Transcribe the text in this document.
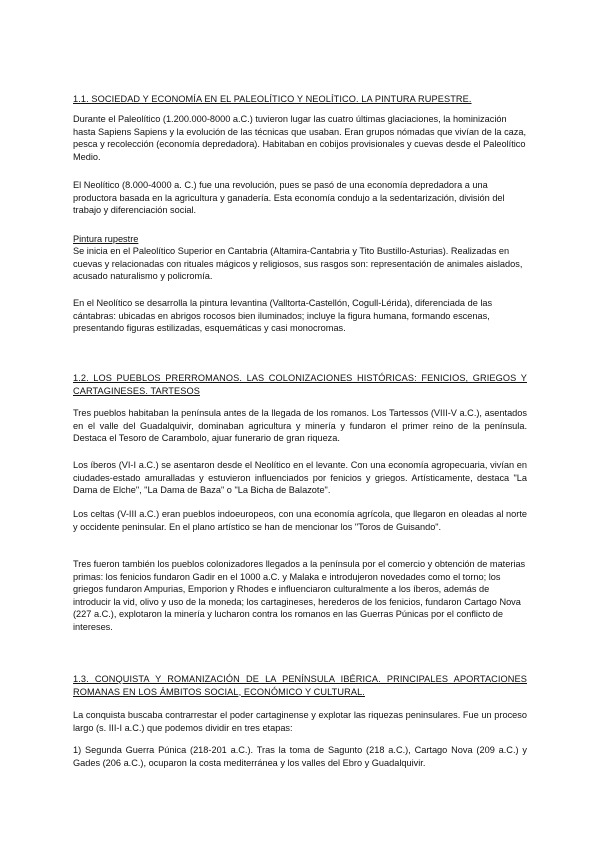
1.1. SOCIEDAD Y ECONOMÍA EN EL PALEOLÍTICO Y NEOLÍTICO. LA PINTURA RUPESTRE.

Durante el Paleolítico (1.200.000-8000 a.C.) tuvieron lugar las cuatro últimas glaciaciones, la hominización hasta Sapiens Sapiens y la evolución de las técnicas que usaban. Eran grupos nómadas que vivían de la caza, pesca y recolección (economía depredadora). Habitaban en cobijos provisionales y cuevas desde el Paleolítico Medio.

El Neolítico (8.000-4000 a. C.) fue una revolución, pues se pasó de una economía depredadora a una productora basada en la agricultura y ganadería. Esta economía condujo a la sedentarización, división del trabajo y diferenciación social.

Pintura rupestre

Se inicia en el Paleolítico Superior en Cantabria (Altamira-Cantabria y Tito Bustillo-Asturias). Realizadas en cuevas y relacionadas con rituales mágicos y religiosos, sus rasgos son: representación de animales aislados, acusado naturalismo y policromía.

En el Neolítico se desarrolla la pintura levantina (Valltorta-Castellón, Cogull-Lérida), diferenciada de las cántabras: ubicadas en abrigos rocosos bien iluminados; incluye la figura humana, formando escenas, presentando figuras estilizadas, esquemáticas y casi monocromas.

1.2. LOS PUEBLOS PRERROMANOS. LAS COLONIZACIONES HISTÓRICAS: FENICIOS, GRIEGOS Y CARTAGINESES. TARTESOS

Tres pueblos habitaban la península antes de la llegada de los romanos. Los Tartessos (VIII-V a.C.), asentados en el valle del Guadalquivir, dominaban agricultura y minería y fundaron el primer reino de la península. Destaca el Tesoro de Carambolo, ajuar funerario de gran riqueza.

Los íberos (VI-I a.C.) se asentaron desde el Neolítico en el levante. Con una economía agropecuaria, vivían en ciudades-estado amuralladas y estuvieron influenciados por fenicios y griegos. Artísticamente, destaca "La Dama de Elche", "La Dama de Baza" o "La Bicha de Balazote".

Los celtas (V-III a.C.) eran pueblos indoeuropeos, con una economía agrícola, que llegaron en oleadas al norte y occidente peninsular. En el plano artístico se han de mencionar los "Toros de Guisando".

Tres fueron también los pueblos colonizadores llegados a la península por el comercio y obtención de materias primas: los fenicios fundaron Gadir en el 1000 a.C. y Malaka e introdujeron novedades como el torno; los griegos fundaron Ampurias, Emporion y Rhodes e influenciaron culturalmente a los íberos, además de introducir la vid, olivo y uso de la moneda; los cartagineses, herederos de los fenicios, fundaron Cartago Nova (227 a.C.), explotaron la minería y lucharon contra los romanos en las Guerras Púnicas por el conflicto de intereses.

1.3. CONQUISTA Y ROMANIZACIÓN DE LA PENÍNSULA IBÉRICA. PRINCIPALES APORTACIONES ROMANAS EN LOS ÁMBITOS SOCIAL, ECONÓMICO Y CULTURAL.

La conquista buscaba contrarrestar el poder cartaginense y explotar las riquezas peninsulares. Fue un proceso largo (s. III-I a.C.) que podemos dividir en tres etapas:

1) Segunda Guerra Púnica (218-201 a.C.). Tras la toma de Sagunto (218 a.C.), Cartago Nova (209 a.C.) y Gades (206 a.C.), ocuparon la costa mediterránea y los valles del Ebro y Guadalquivir.
